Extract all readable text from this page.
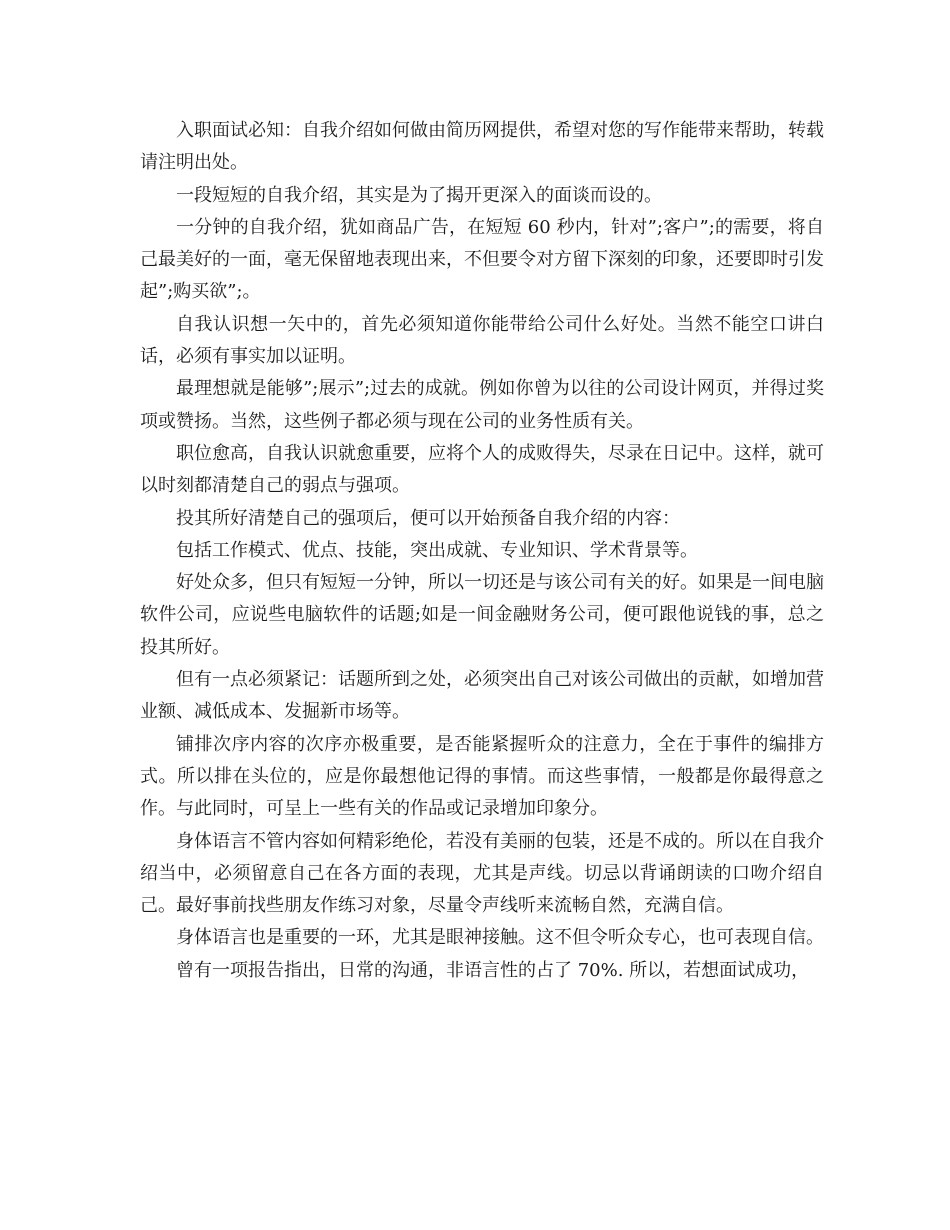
入职面试必知：自我介绍如何做由简历网提供，希望对您的写作能带来帮助，转载请注明出处。

一段短短的自我介绍，其实是为了揭开更深入的面谈而设的。

一分钟的自我介绍，犹如商品广告，在短短 60 秒内，针对”;客户”;的需要，将自己最美好的一面，毫无保留地表现出来，不但要令对方留下深刻的印象，还要即时引发起”;购买欲”;。

自我认识想一矢中的，首先必须知道你能带给公司什么好处。当然不能空口讲白话，必须有事实加以证明。

最理想就是能够”;展示”;过去的成就。例如你曾为以往的公司设计网页，并得过奖项或赞扬。当然，这些例子都必须与现在公司的业务性质有关。

职位愈高，自我认识就愈重要，应将个人的成败得失，尽录在日记中。这样，就可以时刻都清楚自己的弱点与强项。

投其所好清楚自己的强项后，便可以开始预备自我介绍的内容：

包括工作模式、优点、技能，突出成就、专业知识、学术背景等。

好处众多，但只有短短一分钟，所以一切还是与该公司有关的好。如果是一间电脑软件公司，应说些电脑软件的话题;如是一间金融财务公司，便可跟他说钱的事，总之投其所好。

但有一点必须紧记：话题所到之处，必须突出自己对该公司做出的贡献，如增加营业额、减低成本、发掘新市场等。

铺排次序内容的次序亦极重要，是否能紧握听众的注意力，全在于事件的编排方式。所以排在头位的，应是你最想他记得的事情。而这些事情，一般都是你最得意之作。与此同时，可呈上一些有关的作品或记录增加印象分。

身体语言不管内容如何精彩绝伦，若没有美丽的包装，还是不成的。所以在自我介绍当中，必须留意自己在各方面的表现，尤其是声线。切忌以背诵朗读的口吻介绍自己。最好事前找些朋友作练习对象，尽量令声线听来流畅自然，充满自信。

身体语言也是重要的一环，尤其是眼神接触。这不但令听众专心，也可表现自信。

曾有一项报告指出，日常的沟通，非语言性的占了 70%. 所以，若想面试成功，
